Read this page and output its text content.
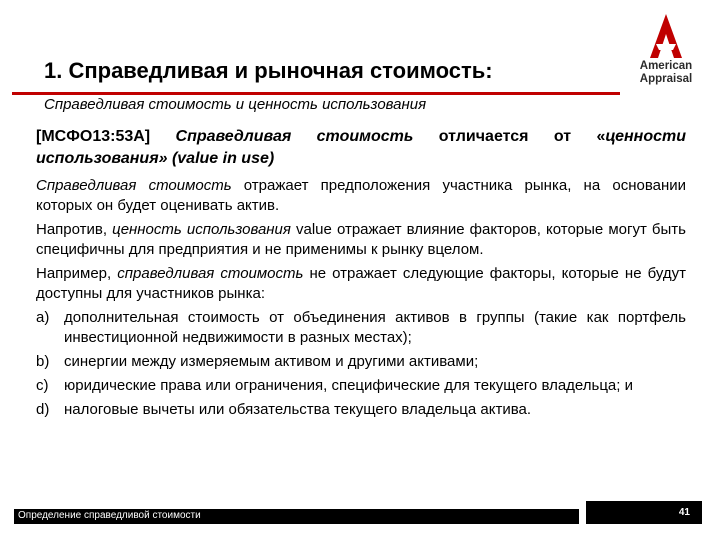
American
Appraisal
1. Справедливая и рыночная стоимость:
Справедливая стоимость и ценность использования

[МСФО13:53А] Справедливая стоимость отличается от «ценности использования» (value in use)

Справедливая стоимость отражает предположения участника рынка, на основании которых он будет оценивать актив.

Напротив, ценность использования value отражает влияние факторов, которые могут быть специфичны для предприятия и не применимы к рынку вцелом.

Например, справедливая стоимость не отражает следующие факторы, которые не будут доступны для участников рынка:

a) дополнительная стоимость от объединения активов в группы (такие как портфель инвестиционной недвижимости в разных местах);
b) синергии между измеряемым активом и другими активами;
c) юридические права или ограничения, специфические для текущего владельца; и
d) налоговые вычеты или обязательства текущего владельца актива.
Определение справедливой стоимости	41
